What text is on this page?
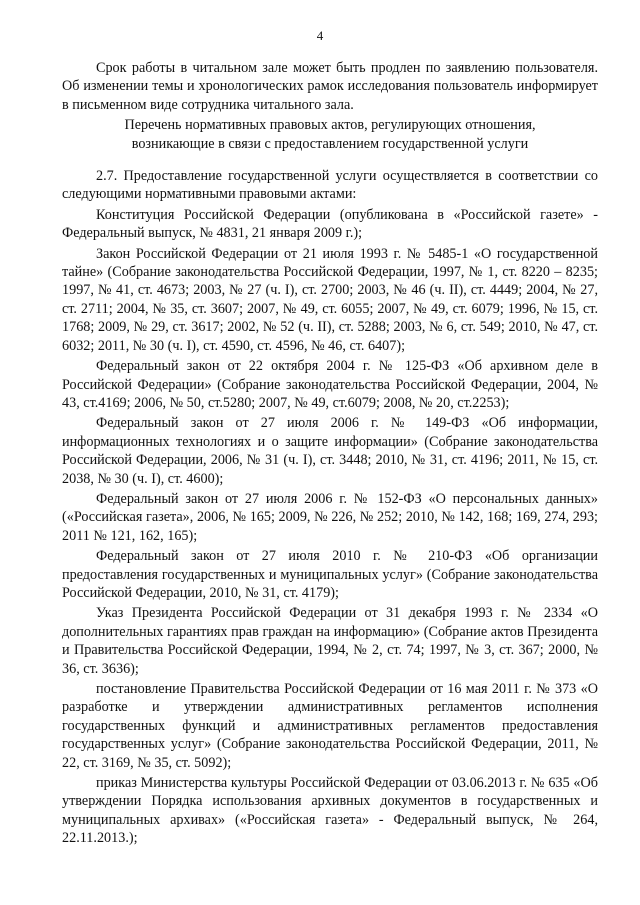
4

Срок работы в читальном зале может быть продлен по заявлению пользователя. Об изменении темы и хронологических рамок исследования пользователь информирует в письменном виде сотрудника читального зала.

Перечень нормативных правовых актов, регулирующих отношения,
возникающие в связи с предоставлением государственной услуги

2.7. Предоставление государственной услуги осуществляется в соответствии со следующими нормативными правовыми актами:

Конституция Российской Федерации (опубликована в «Российской газете» - Федеральный выпуск, № 4831, 21 января 2009 г.);

Закон Российской Федерации от 21 июля 1993 г. № 5485-1 «О государственной тайне» (Собрание законодательства Российской Федерации, 1997, № 1, ст. 8220 – 8235; 1997, № 41, ст. 4673; 2003, № 27 (ч. I), ст. 2700; 2003, № 46 (ч. II), ст. 4449; 2004, № 27, ст. 2711; 2004, № 35, ст. 3607; 2007, № 49, ст. 6055; 2007, № 49, ст. 6079; 1996, № 15, ст. 1768; 2009, № 29, ст. 3617; 2002, № 52 (ч. II), ст. 5288; 2003, № 6, ст. 549; 2010, № 47, ст. 6032; 2011, № 30 (ч. I), ст. 4590, ст. 4596, № 46, ст. 6407);

Федеральный закон от 22 октября 2004 г. № 125-ФЗ «Об архивном деле в Российской Федерации» (Собрание законодательства Российской Федерации, 2004, № 43, ст.4169; 2006, № 50, ст.5280; 2007, № 49, ст.6079; 2008, № 20, ст.2253);

Федеральный закон от 27 июля 2006 г. № 149-ФЗ «Об информации, информационных технологиях и о защите информации» (Собрание законодательства Российской Федерации, 2006, № 31 (ч. I), ст. 3448; 2010, № 31, ст. 4196; 2011, № 15, ст. 2038, № 30 (ч. I), ст. 4600);

Федеральный закон от 27 июля 2006 г. № 152-ФЗ «О персональных данных» («Российская газета», 2006, № 165; 2009, № 226, № 252; 2010, № 142, 168; 169, 274, 293; 2011 № 121, 162, 165);

Федеральный закон от 27 июля 2010 г. № 210-ФЗ «Об организации предоставления государственных и муниципальных услуг» (Собрание законодательства Российской Федерации, 2010, № 31, ст. 4179);

Указ Президента Российской Федерации от 31 декабря 1993 г. № 2334 «О дополнительных гарантиях прав граждан на информацию» (Собрание актов Президента и Правительства Российской Федерации, 1994, № 2, ст. 74; 1997, № 3, ст. 367; 2000, № 36, ст. 3636);

постановление Правительства Российской Федерации от 16 мая 2011 г. № 373 «О разработке и утверждении административных регламентов исполнения государственных функций и административных регламентов предоставления государственных услуг» (Собрание законодательства Российской Федерации, 2011, № 22, ст. 3169, № 35, ст. 5092);

приказ Министерства культуры Российской Федерации от 03.06.2013 г. № 635 «Об утверждении Порядка использования архивных документов в государственных и муниципальных архивах» («Российская газета» - Федеральный выпуск, № 264, 22.11.2013.);
